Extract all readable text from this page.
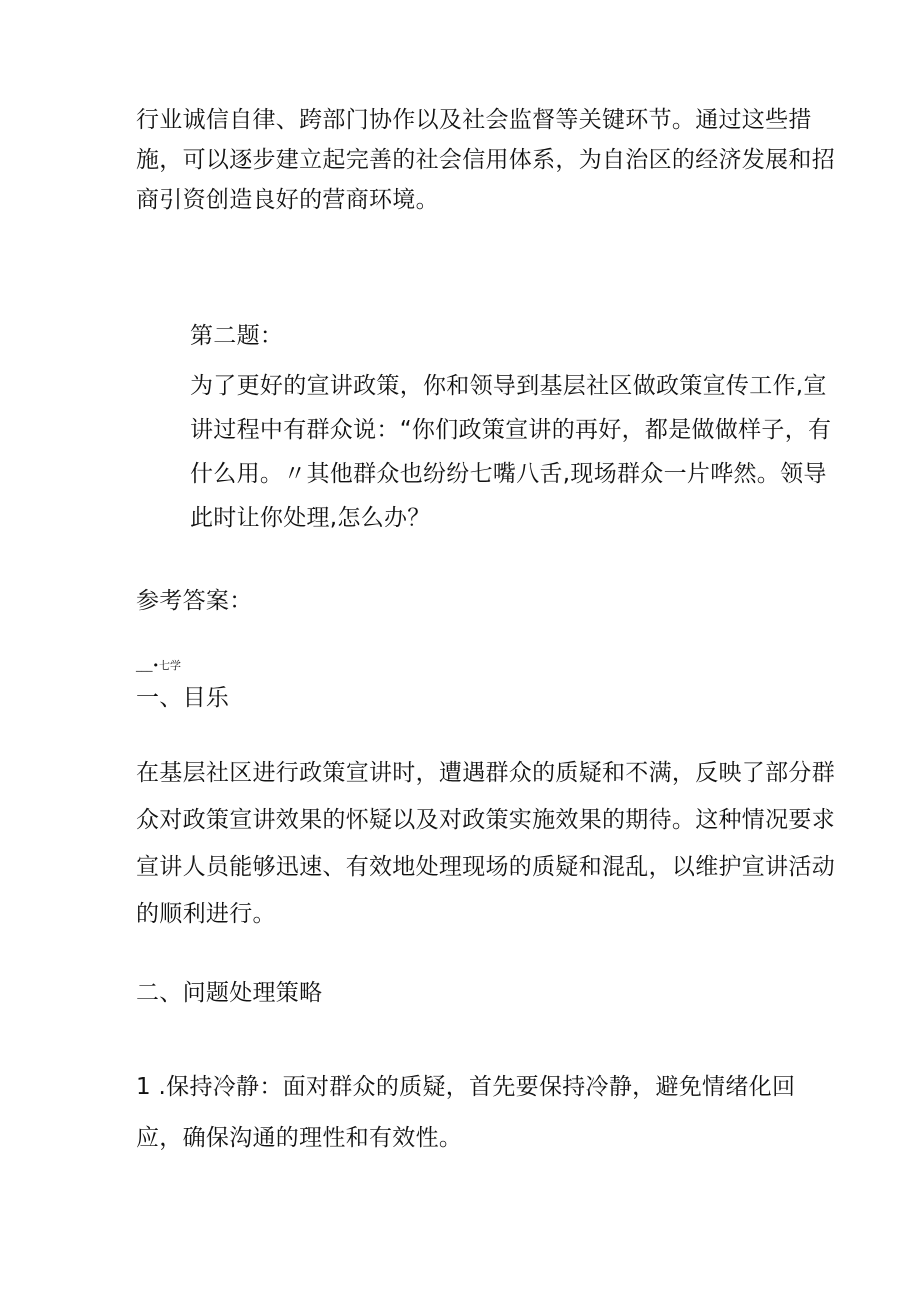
行业诚信自律、跨部门协作以及社会监督等关键环节。通过这些措
施，可以逐步建立起完善的社会信用体系，为自治区的经济发展和招
商引资创造良好的营商环境。
第二题：
为了更好的宣讲政策，你和领导到基层社区做政策宣传工作,宣
讲过程中有群众说：“你们政策宣讲的再好，都是做做样子，有
什么用。〃其他群众也纷纷七嘴八舌,现场群众一片哗然。领导
此时让你处理,怎么办？
参考答案：
___•七学
一、目乐
在基层社区进行政策宣讲时，遭遇群众的质疑和不满，反映了部分群
众对政策宣讲效果的怀疑以及对政策实施效果的期待。这种情况要求
宣讲人员能够迅速、有效地处理现场的质疑和混乱，以维护宣讲活动
的顺利进行。
二、问题处理策略
1 .保持冷静：面对群众的质疑，首先要保持冷静，避免情绪化回
应，确保沟通的理性和有效性。
